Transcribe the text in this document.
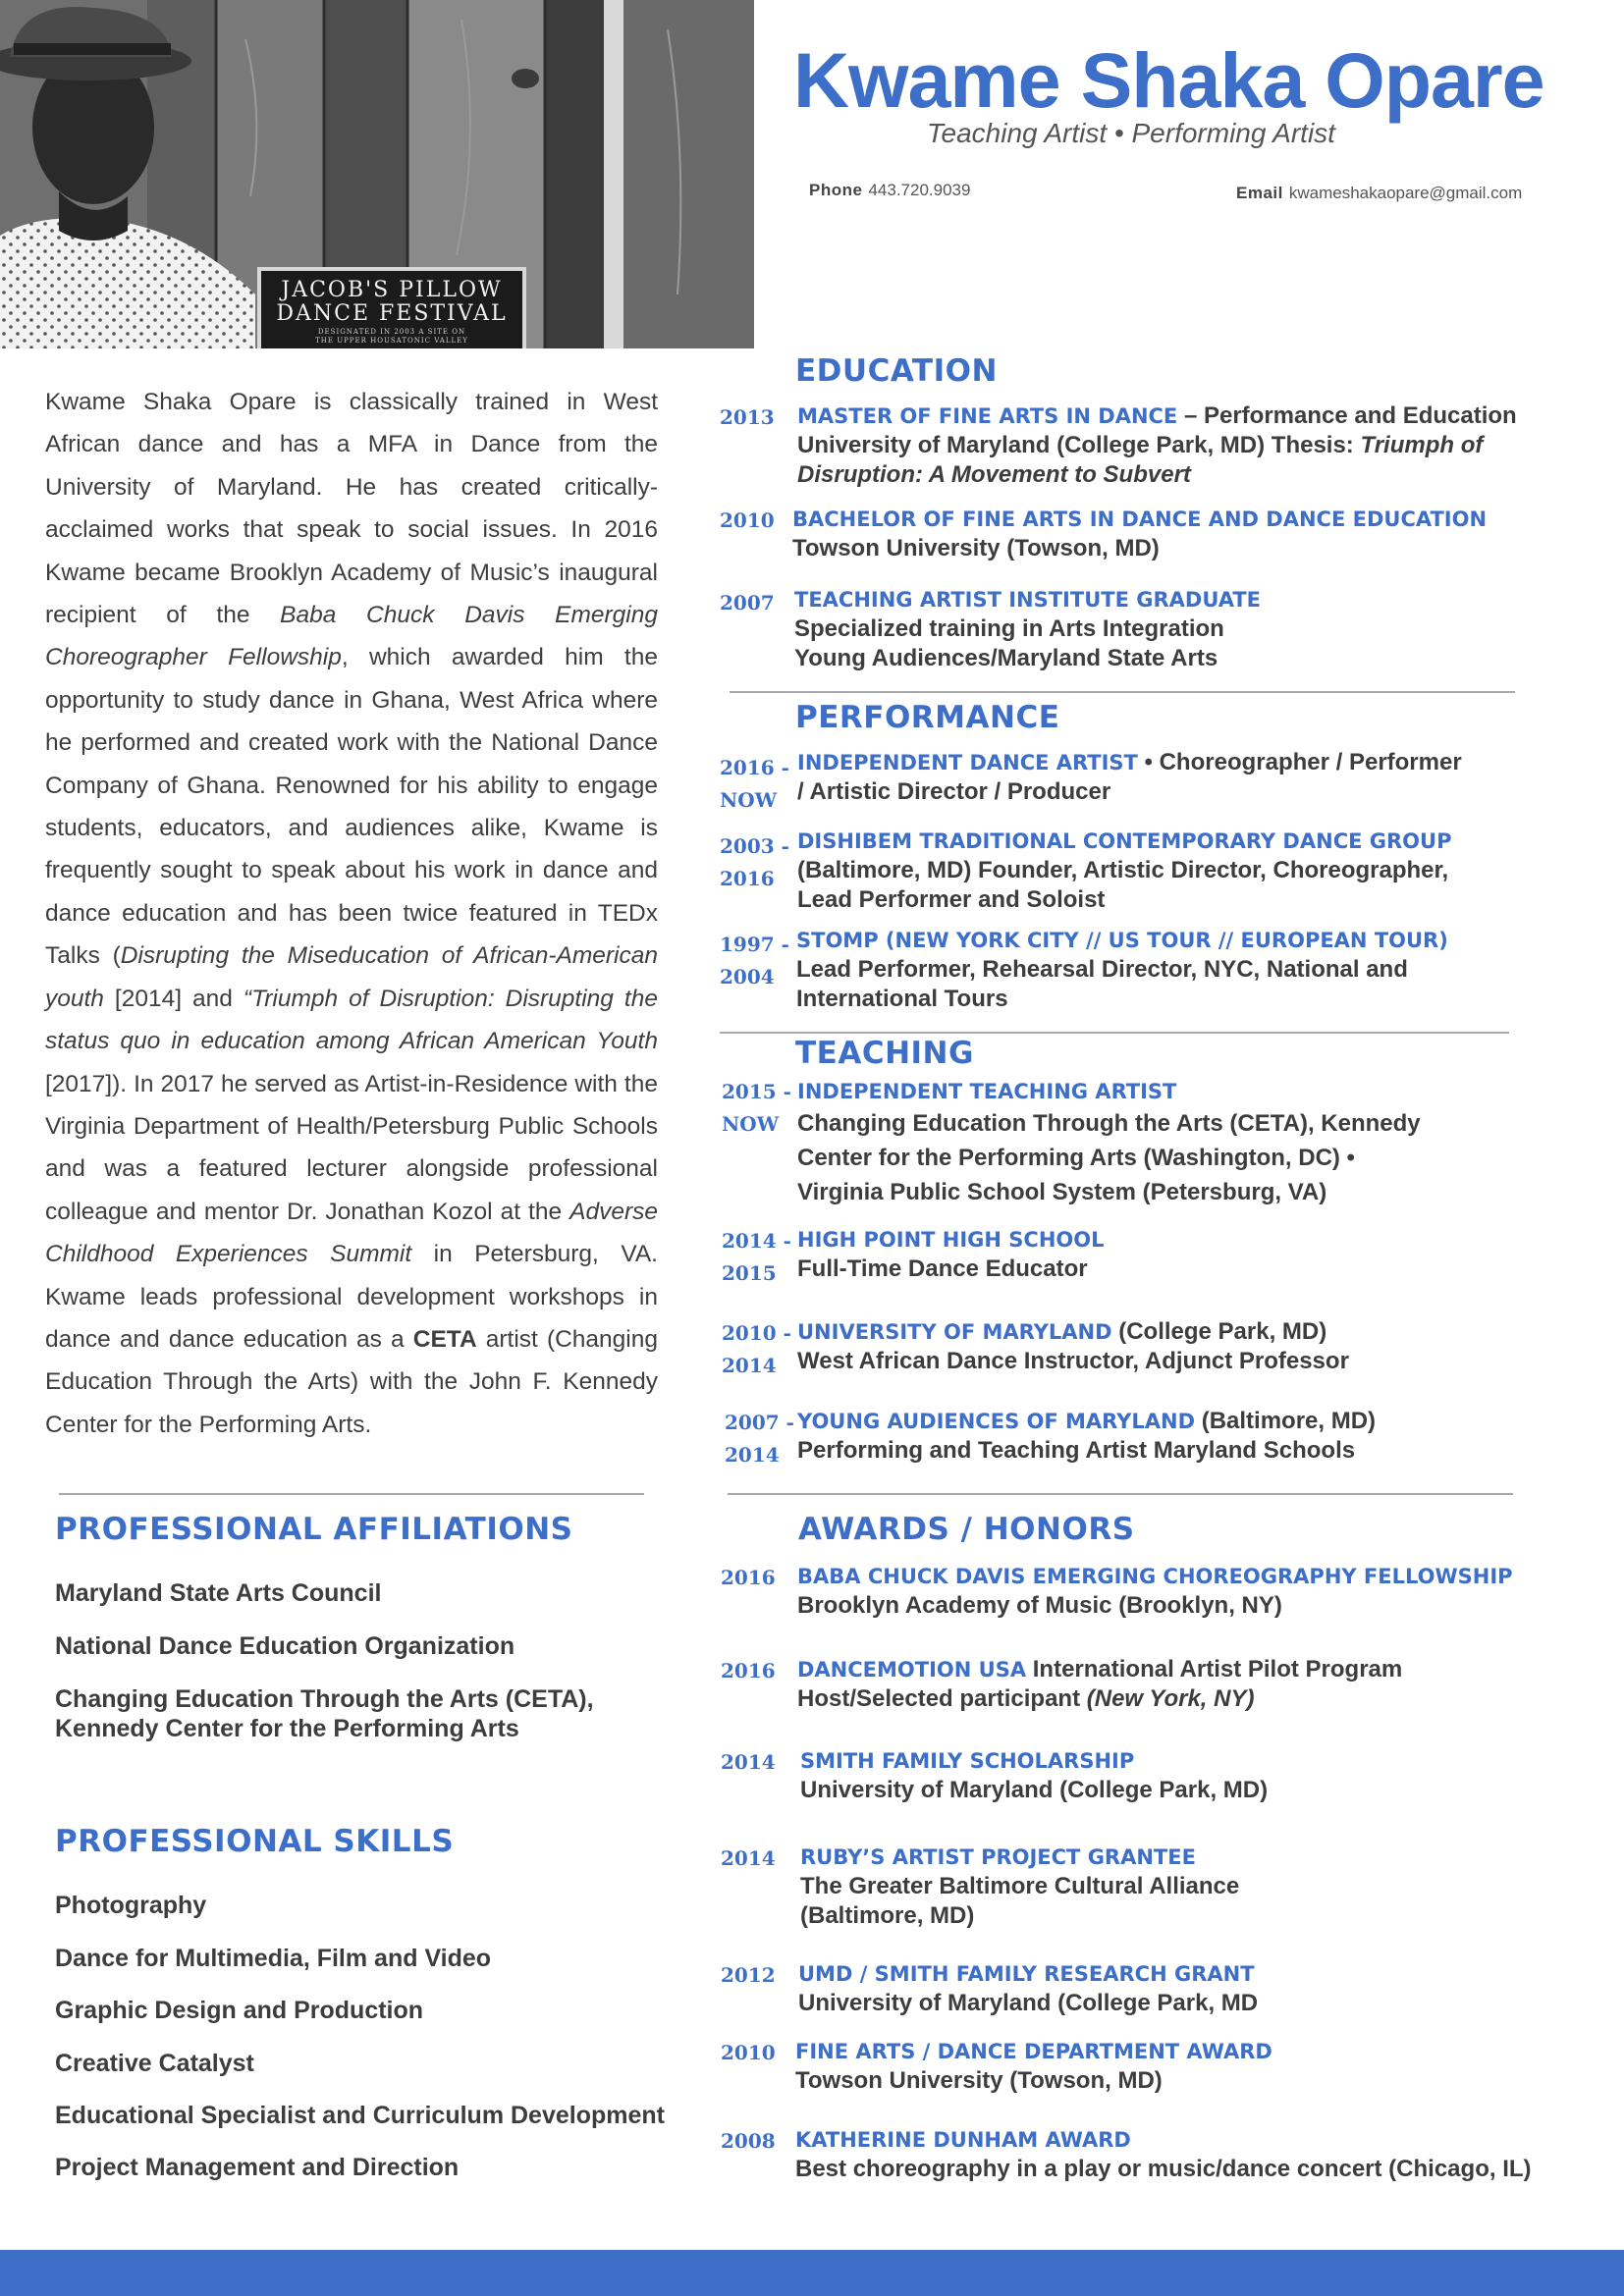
JACOB'S PILLOW
DANCE FESTIVAL
DESIGNATED IN 2003 A SITE ON
THE UPPER HOUSATONIC VALLEY
Kwame Shaka Opare
Teaching Artist • Performing Artist
Phone 443.720.9039	Email kwameshakaopare@gmail.com
Kwame Shaka Opare is classically trained in West African dance and has a MFA in Dance from the University of Maryland. He has created critically-acclaimed works that speak to social issues. In 2016 Kwame became Brooklyn Academy of Music’s inaugural recipient of the Baba Chuck Davis Emerging Choreographer Fellowship, which awarded him the opportunity to study dance in Ghana, West Africa where he performed and created work with the National Dance Company of Ghana. Renowned for his ability to engage students, educators, and audiences alike, Kwame is frequently sought to speak about his work in dance and dance education and has been twice featured in TEDx Talks (Disrupting the Miseducation of African-American youth [2014] and “Triumph of Disruption: Disrupting the status quo in education among African American Youth [2017]). In 2017 he served as Artist-in-Residence with the Virginia Department of Health/Petersburg Public Schools and was a featured lecturer alongside professional colleague and mentor Dr. Jonathan Kozol at the Adverse Childhood Experiences Summit in Petersburg, VA. Kwame leads professional development workshops in dance and dance education as a CETA artist (Changing Education Through the Arts) with the John F. Kennedy Center for the Performing Arts.
PROFESSIONAL AFFILIATIONS
Maryland State Arts Council
National Dance Education Organization
Changing Education Through the Arts (CETA),
Kennedy Center for the Performing Arts
PROFESSIONAL SKILLS
Photography
Dance for Multimedia, Film and Video
Graphic Design and Production
Creative Catalyst
Educational Specialist and Curriculum Development
Project Management and Direction
EDUCATION
2013 MASTER OF FINE ARTS IN DANCE – Performance and Education
University of Maryland (College Park, MD) Thesis: Triumph of
Disruption: A Movement to Subvert
2010 BACHELOR OF FINE ARTS IN DANCE AND DANCE EDUCATION
Towson University (Towson, MD)
2007 TEACHING ARTIST INSTITUTE GRADUATE
Specialized training in Arts Integration
Young Audiences/Maryland State Arts
PERFORMANCE
2016 -
NOW
INDEPENDENT DANCE ARTIST • Choreographer / Performer
/ Artistic Director / Producer
2003 -
2016
DISHIBEM TRADITIONAL CONTEMPORARY DANCE GROUP
(Baltimore, MD) Founder, Artistic Director, Choreographer,
Lead Performer and Soloist
1997 -
2004
STOMP (NEW YORK CITY // US TOUR // EUROPEAN TOUR)
Lead Performer, Rehearsal Director, NYC, National and
International Tours
TEACHING
2015 -
NOW
INDEPENDENT TEACHING ARTIST
Changing Education Through the Arts (CETA), Kennedy
Center for the Performing Arts (Washington, DC) •
Virginia Public School System (Petersburg, VA)
2014 -
2015
HIGH POINT HIGH SCHOOL
Full-Time Dance Educator
2010 -
2014
UNIVERSITY OF MARYLAND (College Park, MD)
West African Dance Instructor, Adjunct Professor
2007 -
2014
YOUNG AUDIENCES OF MARYLAND (Baltimore, MD)
Performing and Teaching Artist Maryland Schools
AWARDS / HONORS
2016 BABA CHUCK DAVIS EMERGING CHOREOGRAPHY FELLOWSHIP
Brooklyn Academy of Music (Brooklyn, NY)
2016 DANCEMOTION USA International Artist Pilot Program
Host/Selected participant (New York, NY)
2014 SMITH FAMILY SCHOLARSHIP
University of Maryland (College Park, MD)
2014 RUBY’S ARTIST PROJECT GRANTEE
The Greater Baltimore Cultural Alliance
(Baltimore, MD)
2012 UMD / SMITH FAMILY RESEARCH GRANT
University of Maryland (College Park, MD
2010 FINE ARTS / DANCE DEPARTMENT AWARD
Towson University (Towson, MD)
2008 KATHERINE DUNHAM AWARD
Best choreography in a play or music/dance concert (Chicago, IL)
